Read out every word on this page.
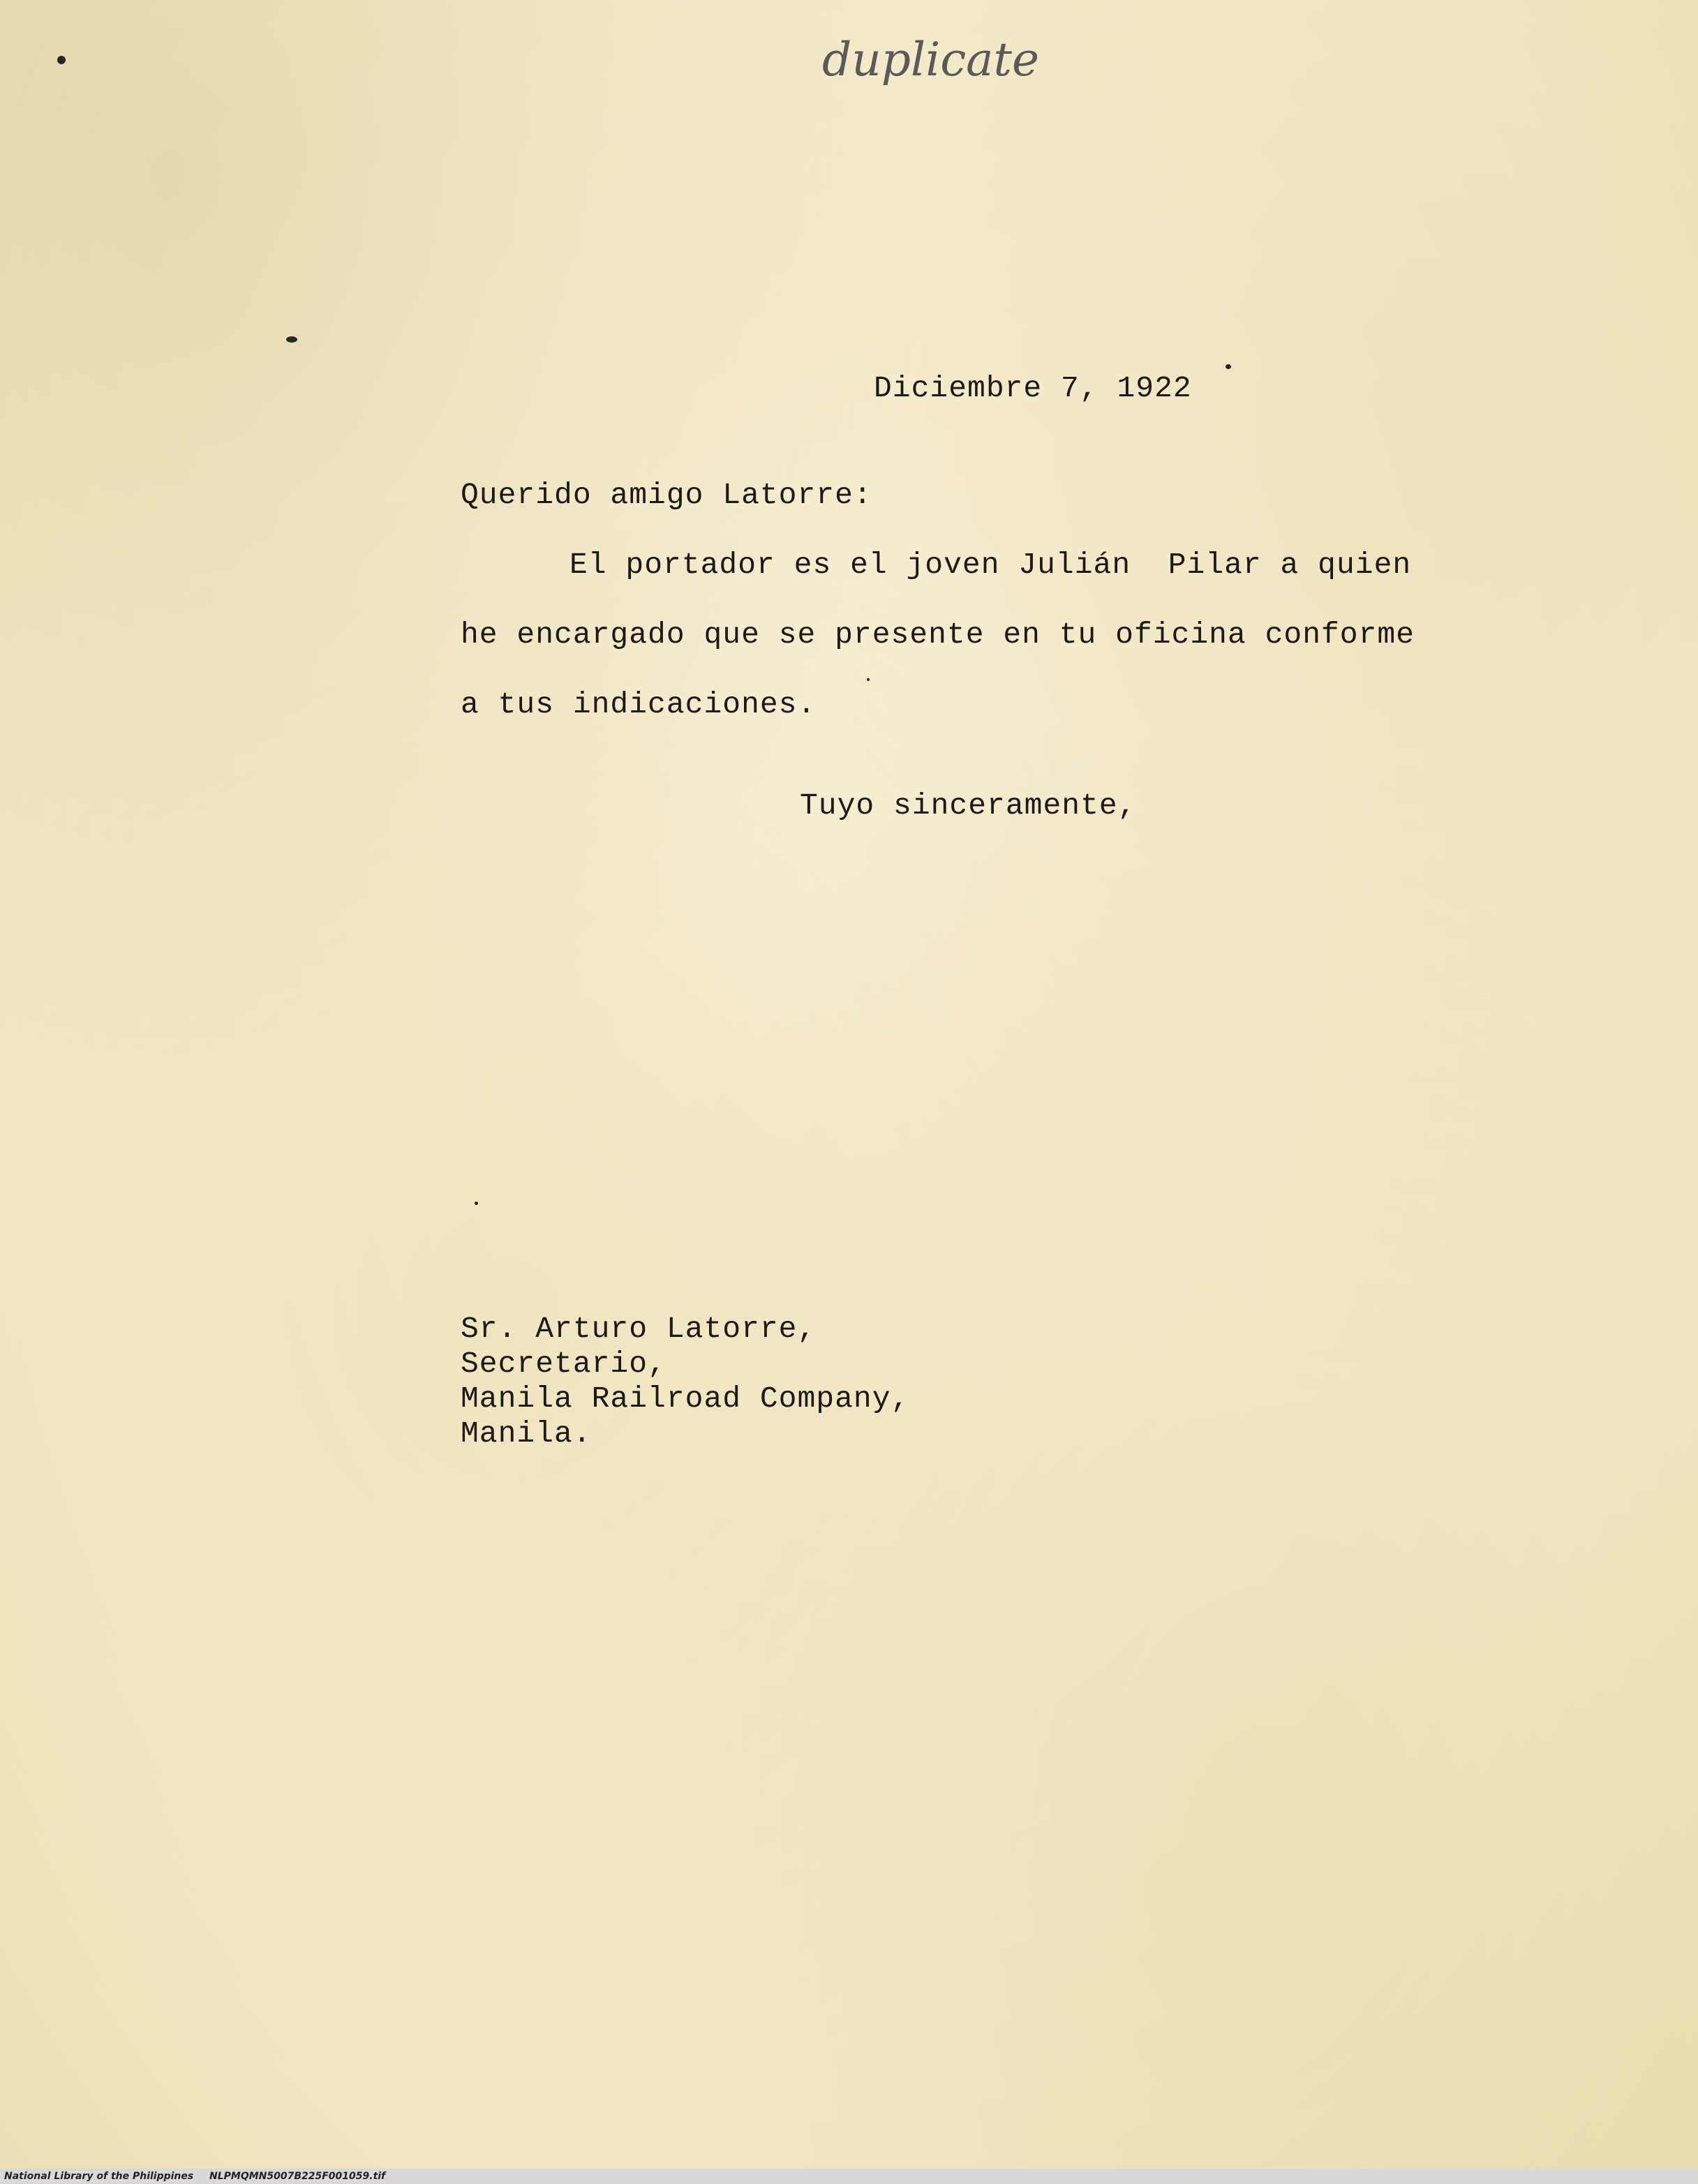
duplicate
Diciembre 7, 1922
Querido amigo Latorre:
El portador es el joven Julián  Pilar a quien
he encargado que se presente en tu oficina conforme
a tus indicaciones.
Tuyo sinceramente,
Sr. Arturo Latorre,
Secretario,
Manila Railroad Company,
Manila.
National Library of the Philippines NLPMQMN5007B225F001059.tif
